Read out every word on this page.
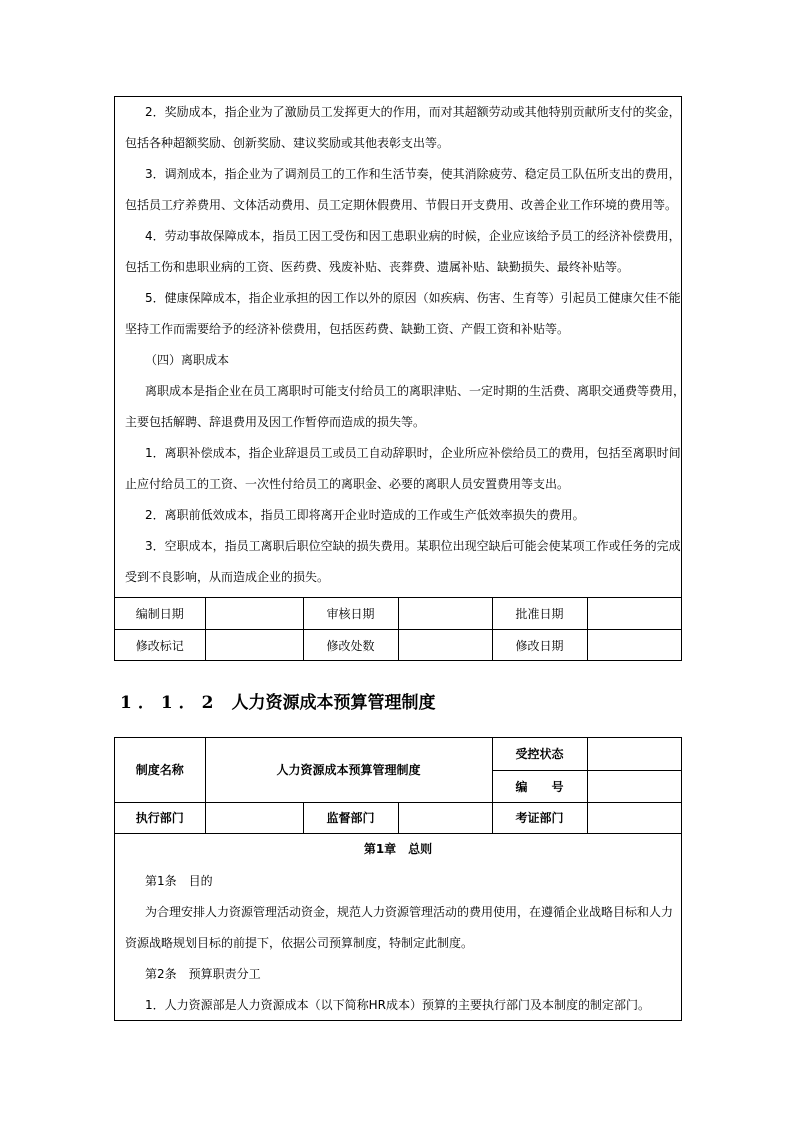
2．奖励成本，指企业为了激励员工发挥更大的作用，而对其超额劳动或其他特别贡献所支付的奖金，
包括各种超额奖励、创新奖励、建议奖励或其他表彰支出等。
3．调剂成本，指企业为了调剂员工的工作和生活节奏，使其消除疲劳、稳定员工队伍所支出的费用，
包括员工疗养费用、文体活动费用、员工定期休假费用、节假日开支费用、改善企业工作环境的费用等。
4．劳动事故保障成本，指员工因工受伤和因工患职业病的时候，企业应该给予员工的经济补偿费用，
包括工伤和患职业病的工资、医药费、残废补贴、丧葬费、遗属补贴、缺勤损失、最终补贴等。
5．健康保障成本，指企业承担的因工作以外的原因（如疾病、伤害、生育等）引起员工健康欠佳不能
坚持工作而需要给予的经济补偿费用，包括医药费、缺勤工资、产假工资和补贴等。
（四）离职成本
离职成本是指企业在员工离职时可能支付给员工的离职津贴、一定时期的生活费、离职交通费等费用，
主要包括解聘、辞退费用及因工作暂停而造成的损失等。
1．离职补偿成本，指企业辞退员工或员工自动辞职时，企业所应补偿给员工的费用，包括至离职时间
止应付给员工的工资、一次性付给员工的离职金、必要的离职人员安置费用等支出。
2．离职前低效成本，指员工即将离开企业时造成的工作或生产低效率损失的费用。
3．空职成本，指员工离职后职位空缺的损失费用。某职位出现空缺后可能会使某项工作或任务的完成
受到不良影响，从而造成企业的损失。
编制日期		审核日期		批准日期	
修改标记		修改处数		修改日期	
1．1．2 人力资源成本预算管理制度
制度名称	人力资源成本预算管理制度			受控状态	
				编　　号	
执行部门		监督部门		考证部门	
第1章　总则
第1条　目的
为合理安排人力资源管理活动资金，规范人力资源管理活动的费用使用，在遵循企业战略目标和人力
资源战略规划目标的前提下，依据公司预算制度，特制定此制度。
第2条　预算职责分工
1．人力资源部是人力资源成本（以下简称HR成本）预算的主要执行部门及本制度的制定部门。
